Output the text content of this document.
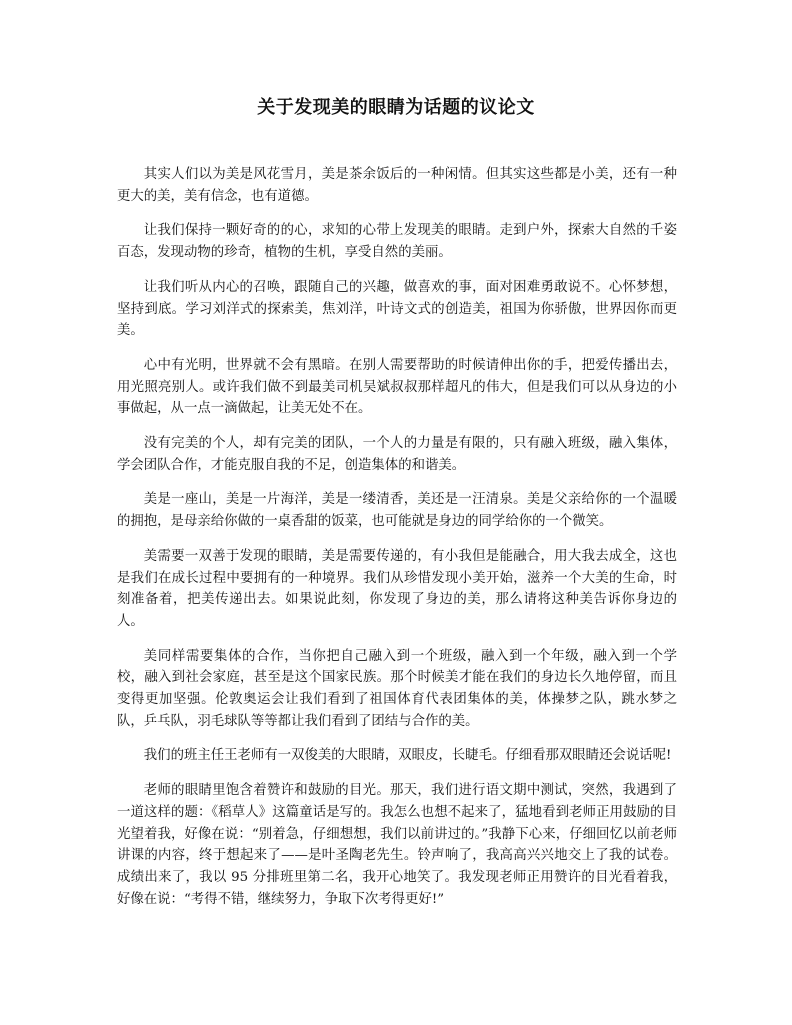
关于发现美的眼睛为话题的议论文

其实人们以为美是风花雪月，美是茶余饭后的一种闲情。但其实这些都是小美，还有一种更大的美，美有信念，也有道德。

让我们保持一颗好奇的的心，求知的心带上发现美的眼睛。走到户外，探索大自然的千姿百态，发现动物的珍奇，植物的生机，享受自然的美丽。

让我们听从内心的召唤，跟随自己的兴趣，做喜欢的事，面对困难勇敢说不。心怀梦想，坚持到底。学习刘洋式的探索美，焦刘洋，叶诗文式的创造美，祖国为你骄傲，世界因你而更美。

心中有光明，世界就不会有黑暗。在别人需要帮助的时候请伸出你的手，把爱传播出去，用光照亮别人。或许我们做不到最美司机吴斌叔叔那样超凡的伟大，但是我们可以从身边的小事做起，从一点一滴做起，让美无处不在。

没有完美的个人，却有完美的团队，一个人的力量是有限的，只有融入班级，融入集体，学会团队合作，才能克服自我的不足，创造集体的和谐美。

美是一座山，美是一片海洋，美是一缕清香，美还是一汪清泉。美是父亲给你的一个温暖的拥抱，是母亲给你做的一桌香甜的饭菜，也可能就是身边的同学给你的一个微笑。

美需要一双善于发现的眼睛，美是需要传递的，有小我但是能融合，用大我去成全，这也是我们在成长过程中要拥有的一种境界。我们从珍惜发现小美开始，滋养一个大美的生命，时刻准备着，把美传递出去。如果说此刻，你发现了身边的美，那么请将这种美告诉你身边的人。

美同样需要集体的合作，当你把自己融入到一个班级，融入到一个年级，融入到一个学校，融入到社会家庭，甚至是这个国家民族。那个时候美才能在我们的身边长久地停留，而且变得更加坚强。伦敦奥运会让我们看到了祖国体育代表团集体的美，体操梦之队，跳水梦之队，乒乓队，羽毛球队等等都让我们看到了团结与合作的美。

我们的班主任王老师有一双俊美的大眼睛，双眼皮，长睫毛。仔细看那双眼睛还会说话呢!

老师的眼睛里饱含着赞许和鼓励的目光。那天，我们进行语文期中测试，突然，我遇到了一道这样的题：《稻草人》这篇童话是写的。我怎么也想不起来了，猛地看到老师正用鼓励的目光望着我，好像在说：“别着急，仔细想想，我们以前讲过的。”我静下心来，仔细回忆以前老师讲课的内容，终于想起来了——是叶圣陶老先生。铃声响了，我高高兴兴地交上了我的试卷。成绩出来了，我以 95 分排班里第二名，我开心地笑了。我发现老师正用赞许的目光看着我，好像在说：“考得不错，继续努力，争取下次考得更好!”
